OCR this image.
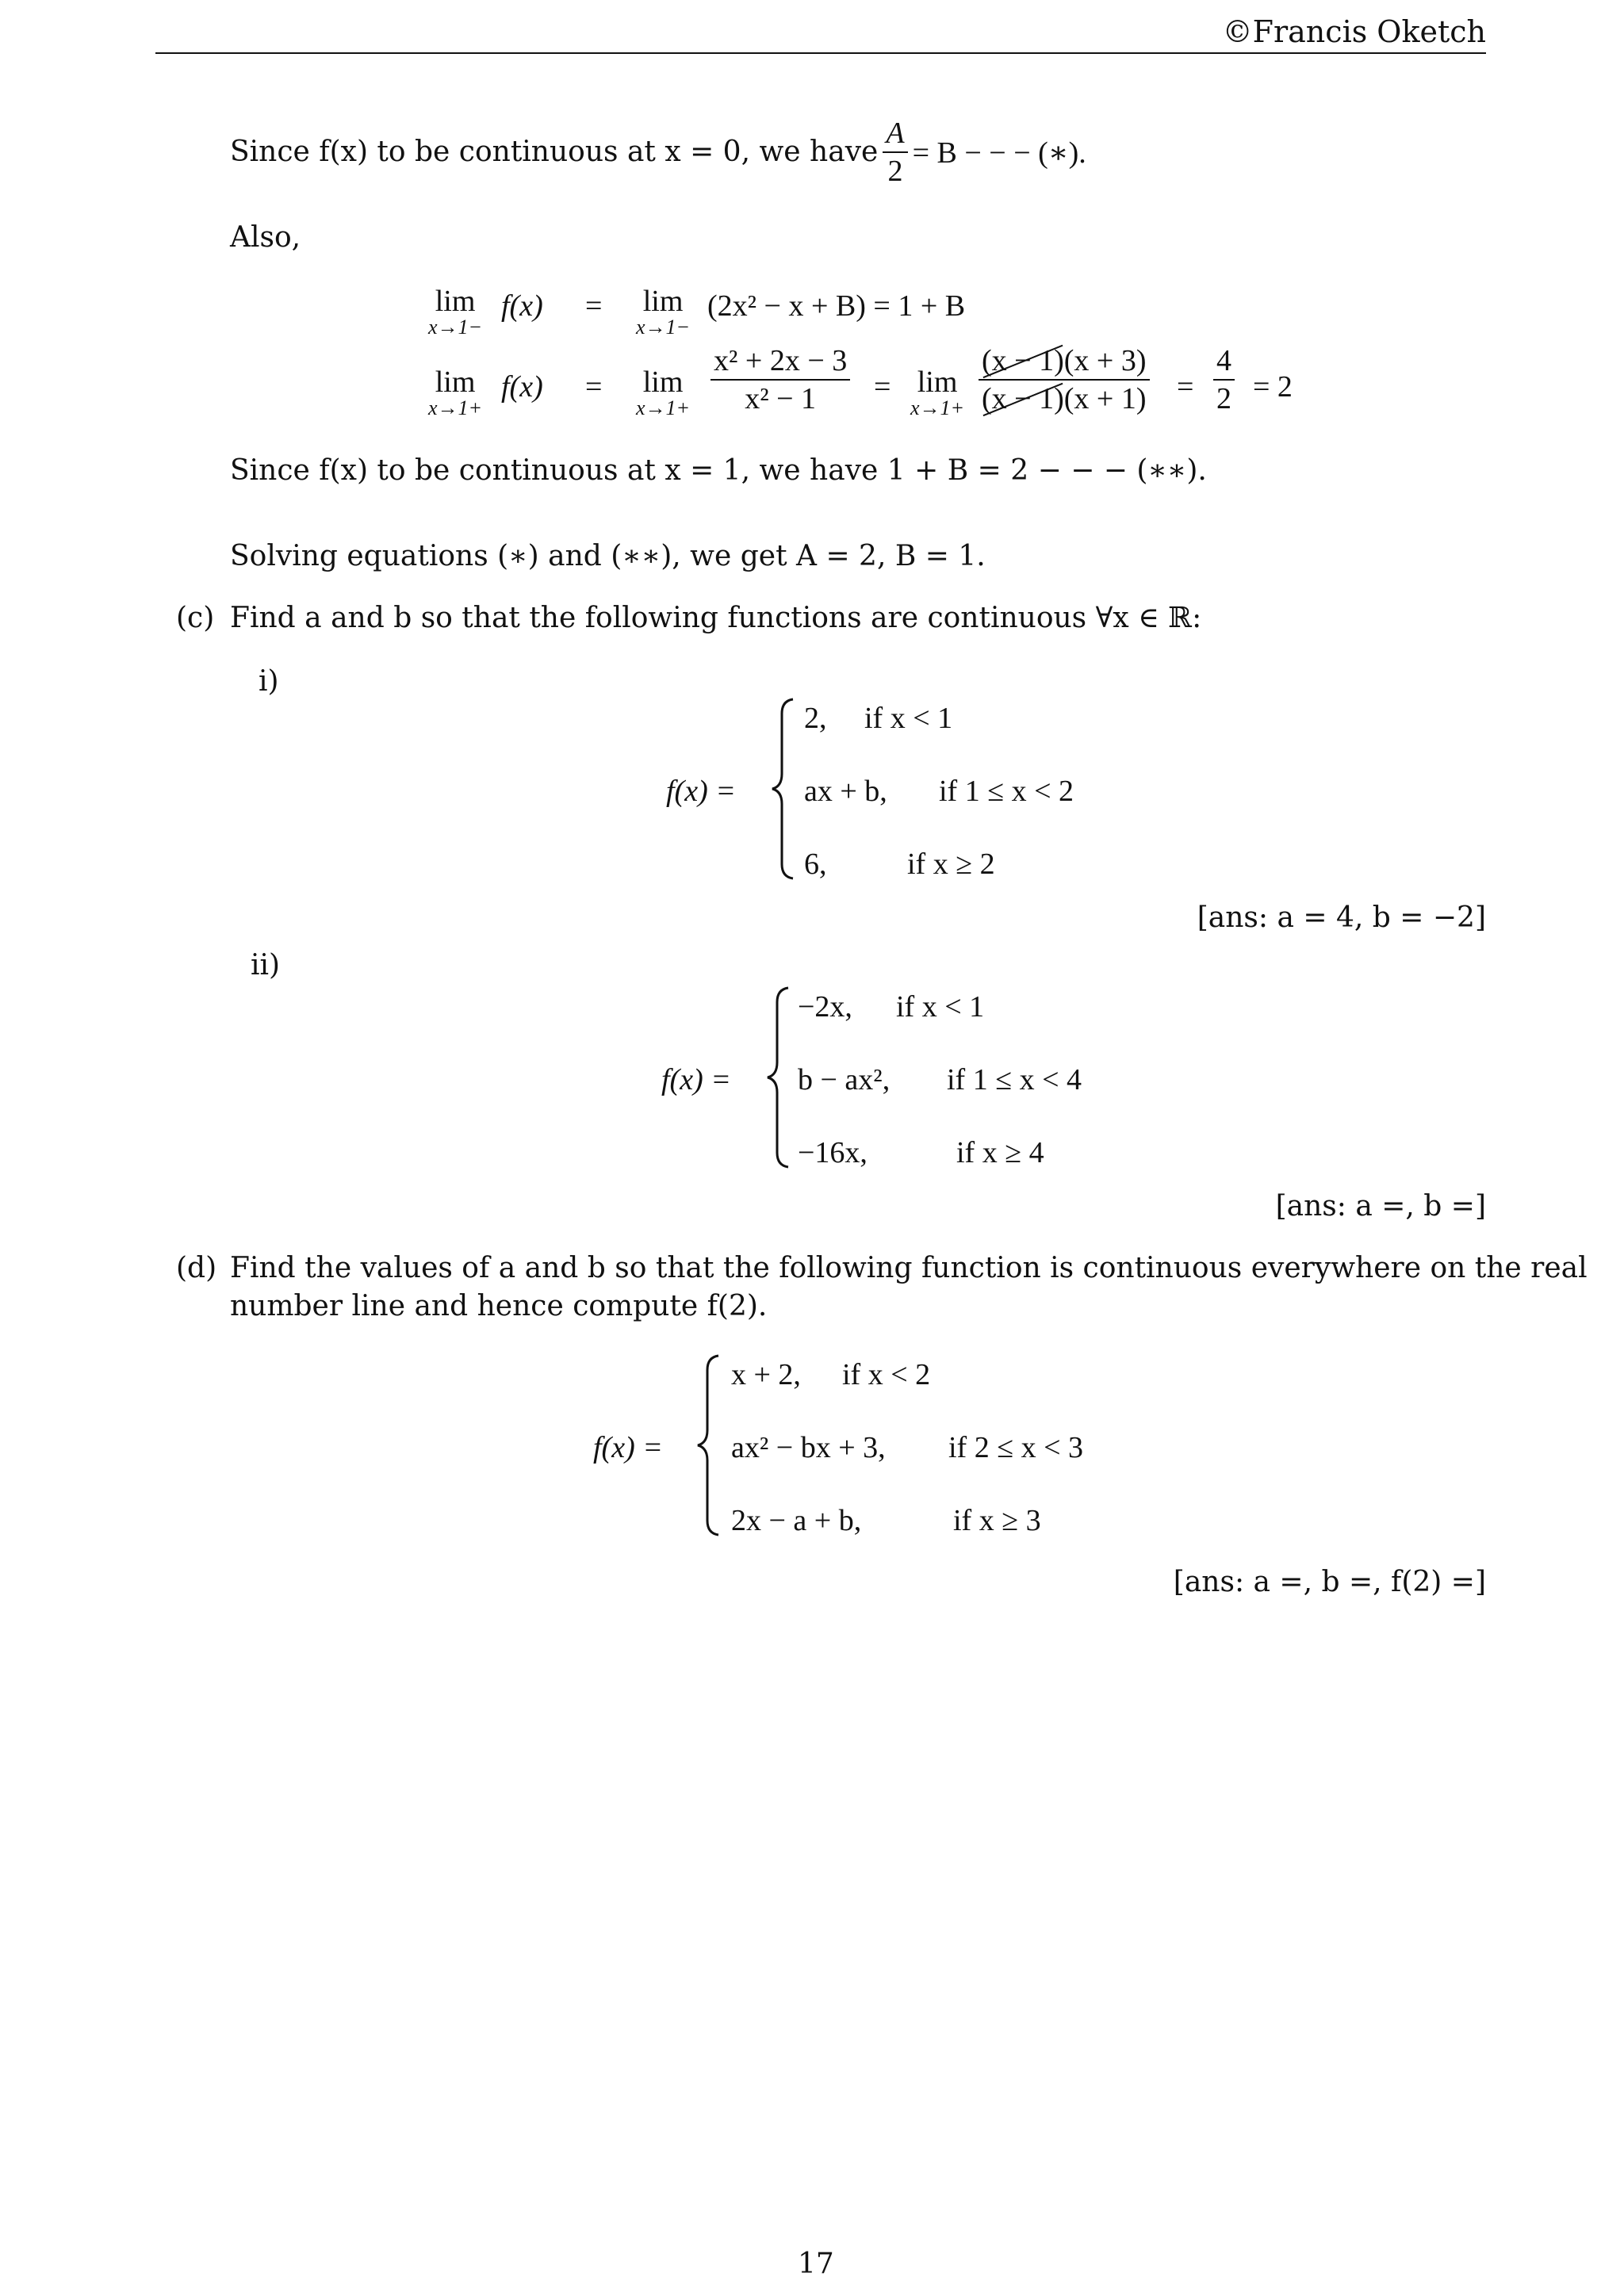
©Francis Oketch
Since f(x) to be continuous at x = 0, we have $\frac{A}{2} = B$ − − − (∗).
Also,
lim
x→1−
f(x) = lim
x→1−
(2x² − x + B) = 1 + B
lim
x→1+
f(x) = lim
$x\to 1+ \frac{\text{x² + 2x − 3}}{\text{x² − 1}} = \lim$
$x\to 1+ \frac{(x - 1)(x + 3)}{(x - 1)(x + 1)} = \frac{4}{2} = 2$
Since f(x) to be continuous at x = 1, we have 1 + B = 2 − − − (∗∗).
Solving equations (∗) and (∗∗), we get A = 2, B = 1.
(c) Find a and b so that the following functions are continuous ∀x ∈ ℝ:
i)
f(x) =
2, if x < 1
ax + b, if 1 ≤ x < 2
6,	if x ≥ 2
[ans: a = 4, b = −2]
ii)
f(x) =
−2x, if x < 1
b − ax², if 1 ≤ x < 4
−16x,	if x ≥ 4
[ans: a =, b =]
(d) Find the values of a and b so that the following function is continuous everywhere on the real
number line and hence compute f(2).
f(x) =
x + 2, if x < 2
ax² − bx + 3, if 2 ≤ x < 3
2x − a + b,	if x ≥ 3
[ans: a =, b =, f(2) =]
17
